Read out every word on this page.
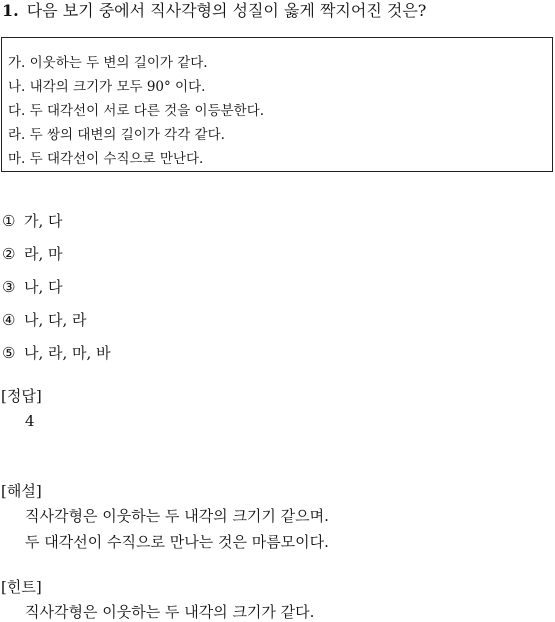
1. 다음 보기 중에서 직사각형의 성질이 옳게 짝지어진 것은?
가. 이웃하는 두 변의 길이가 같다.
나. 내각의 크기가 모두 90° 이다.
다. 두 대각선이 서로 다른 것을 이등분한다.
라. 두 쌍의 대변의 길이가 각각 같다.
마. 두 대각선이 수직으로 만난다.
① 가, 다
② 라, 마
③ 나, 다
④ 나, 다, 라
⑤ 나, 라, 마, 바
[정답]
4
[해설]
직사각형은 이웃하는 두 내각의 크기기 같으며.
두 대각선이 수직으로 만나는 것은 마름모이다.
[힌트]
직사각형은 이웃하는 두 내각의 크기가 같다.
